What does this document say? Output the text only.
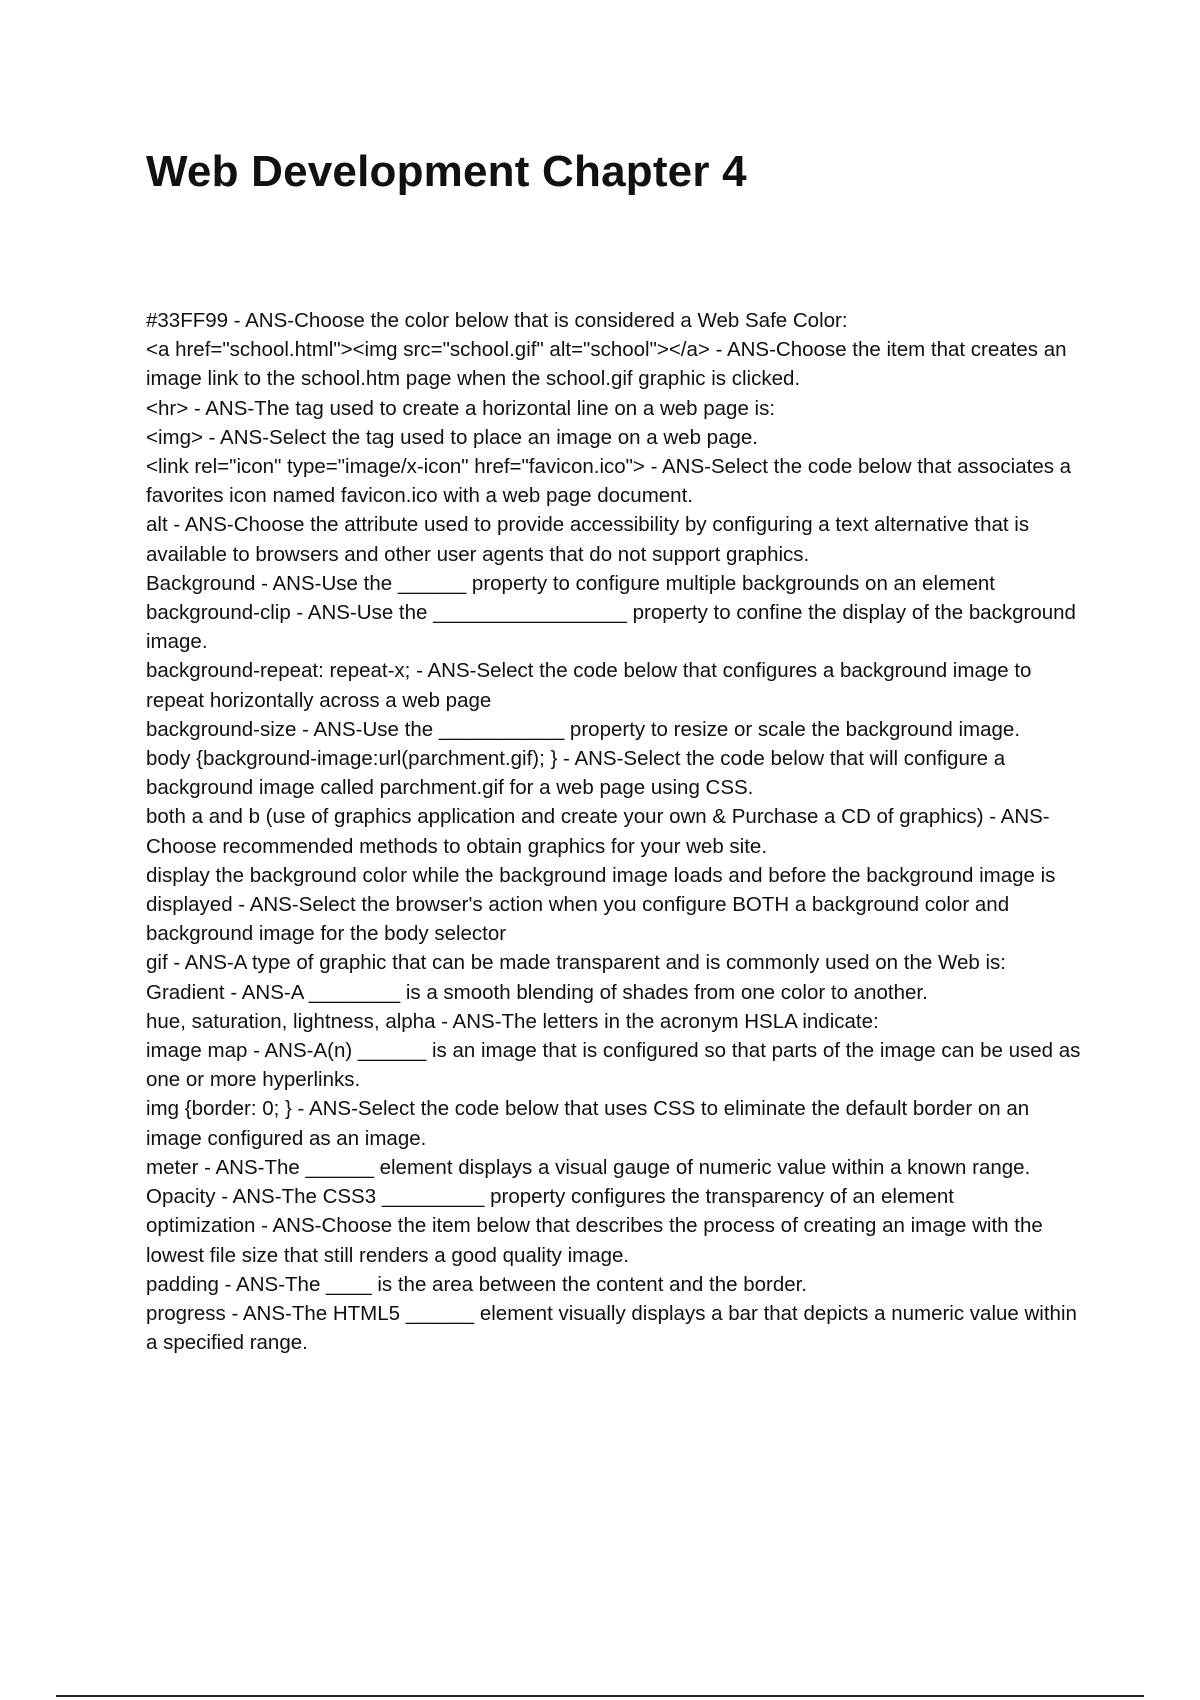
Web Development Chapter 4
#33FF99 - ANS-Choose the color below that is considered a Web Safe Color:
<a href="school.html"><img src="school.gif" alt="school"></a> - ANS-Choose the item that creates an image link to the school.htm page when the school.gif graphic is clicked.
<hr> - ANS-The tag used to create a horizontal line on a web page is:
<img> - ANS-Select the tag used to place an image on a web page.
<link rel="icon" type="image/x-icon" href="favicon.ico"> - ANS-Select the code below that associates a favorites icon named favicon.ico with a web page document.
alt - ANS-Choose the attribute used to provide accessibility by configuring a text alternative that is available to browsers and other user agents that do not support graphics.
Background - ANS-Use the ______ property to configure multiple backgrounds on an element
background-clip - ANS-Use the _________________ property to confine the display of the background image.
background-repeat: repeat-x; - ANS-Select the code below that configures a background image to repeat horizontally across a web page
background-size - ANS-Use the ___________ property to resize or scale the background image.
body {background-image:url(parchment.gif); } - ANS-Select the code below that will configure a background image called parchment.gif for a web page using CSS.
both a and b (use of graphics application and create your own & Purchase a CD of graphics) - ANS-Choose recommended methods to obtain graphics for your web site.
display the background color while the background image loads and before the background image is displayed - ANS-Select the browser's action when you configure BOTH a background color and background image for the body selector
gif - ANS-A type of graphic that can be made transparent and is commonly used on the Web is:
Gradient - ANS-A ________ is a smooth blending of shades from one color to another.
hue, saturation, lightness, alpha - ANS-The letters in the acronym HSLA indicate:
image map - ANS-A(n) ______ is an image that is configured so that parts of the image can be used as one or more hyperlinks.
img {border: 0; } - ANS-Select the code below that uses CSS to eliminate the default border on an image configured as an image.
meter - ANS-The ______ element displays a visual gauge of numeric value within a known range.
Opacity - ANS-The CSS3 _________ property configures the transparency of an element
optimization - ANS-Choose the item below that describes the process of creating an image with the lowest file size that still renders a good quality image.
padding - ANS-The ____ is the area between the content and the border.
progress - ANS-The HTML5 ______ element visually displays a bar that depicts a numeric value within a specified range.
